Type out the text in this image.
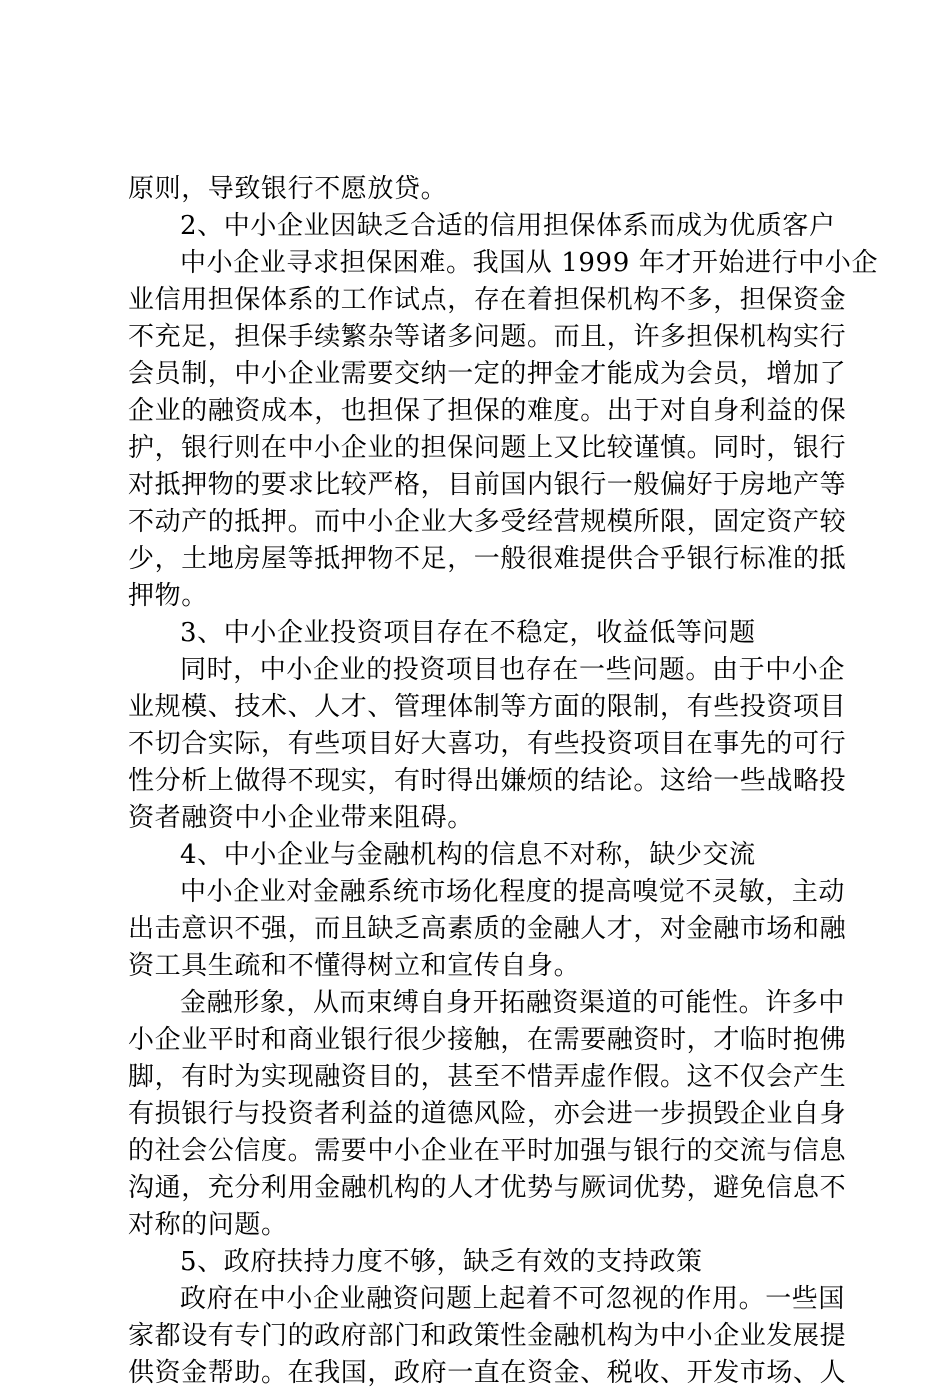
原则，导致银行不愿放贷。
2、中小企业因缺乏合适的信用担保体系而成为优质客户
中小企业寻求担保困难。我国从 1999 年才开始进行中小企
业信用担保体系的工作试点，存在着担保机构不多，担保资金
不充足，担保手续繁杂等诸多问题。而且，许多担保机构实行
会员制，中小企业需要交纳一定的押金才能成为会员，增加了
企业的融资成本，也担保了担保的难度。出于对自身利益的保
护，银行则在中小企业的担保问题上又比较谨慎。同时，银行
对抵押物的要求比较严格，目前国内银行一般偏好于房地产等
不动产的抵押。而中小企业大多受经营规模所限，固定资产较
少，土地房屋等抵押物不足，一般很难提供合乎银行标准的抵
押物。
3、中小企业投资项目存在不稳定，收益低等问题
同时，中小企业的投资项目也存在一些问题。由于中小企
业规模、技术、人才、管理体制等方面的限制，有些投资项目
不切合实际，有些项目好大喜功，有些投资项目在事先的可行
性分析上做得不现实，有时得出嫌烦的结论。这给一些战略投
资者融资中小企业带来阻碍。
4、中小企业与金融机构的信息不对称，缺少交流
中小企业对金融系统市场化程度的提高嗅觉不灵敏，主动
出击意识不强，而且缺乏高素质的金融人才，对金融市场和融
资工具生疏和不懂得树立和宣传自身。
金融形象，从而束缚自身开拓融资渠道的可能性。许多中
小企业平时和商业银行很少接触，在需要融资时，才临时抱佛
脚，有时为实现融资目的，甚至不惜弄虚作假。这不仅会产生
有损银行与投资者利益的道德风险，亦会进一步损毁企业自身
的社会公信度。需要中小企业在平时加强与银行的交流与信息
沟通，充分利用金融机构的人才优势与厥词优势，避免信息不
对称的问题。
5、政府扶持力度不够，缺乏有效的支持政策
政府在中小企业融资问题上起着不可忽视的作用。一些国
家都设有专门的政府部门和政策性金融机构为中小企业发展提
供资金帮助。在我国，政府一直在资金、税收、开发市场、人
